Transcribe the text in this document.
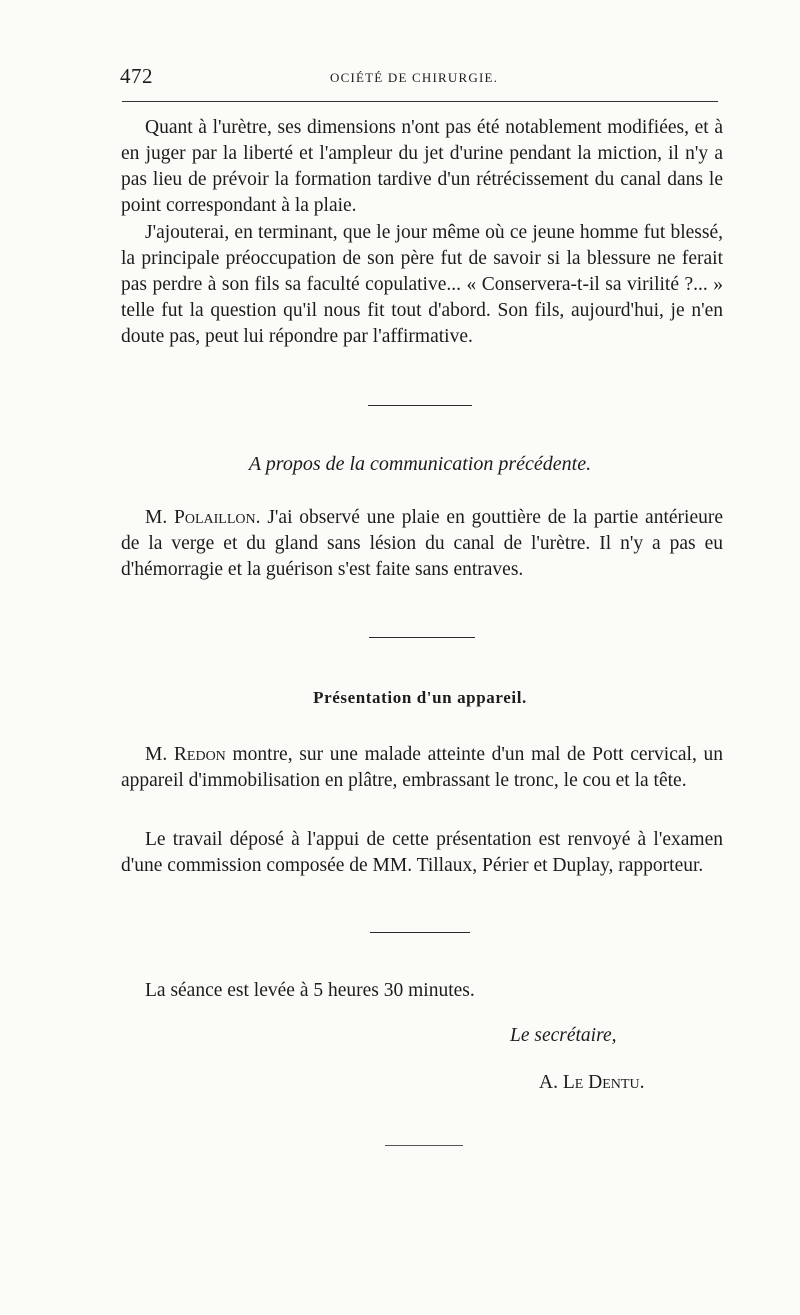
472	OCIÉTÉ DE CHIRURGIE.

Quant à l'urètre, ses dimensions n'ont pas été notablement modifiées, et à en juger par la liberté et l'ampleur du jet d'urine pendant la miction, il n'y a pas lieu de prévoir la formation tardive d'un rétrécissement du canal dans le point correspondant à la plaie.

J'ajouterai, en terminant, que le jour même où ce jeune homme fut blessé, la principale préoccupation de son père fut de savoir si la blessure ne ferait pas perdre à son fils sa faculté copulative... « Conservera-t-il sa virilité ?... » telle fut la question qu'il nous fit tout d'abord. Son fils, aujourd'hui, je n'en doute pas, peut lui répondre par l'affirmative.

A propos de la communication précédente.

M. Polaillon. J'ai observé une plaie en gouttière de la partie antérieure de la verge et du gland sans lésion du canal de l'urètre. Il n'y a pas eu d'hémorragie et la guérison s'est faite sans entraves.

Présentation d'un appareil.

M. Redon montre, sur une malade atteinte d'un mal de Pott cervical, un appareil d'immobilisation en plâtre, embrassant le tronc, le cou et la tête.

Le travail déposé à l'appui de cette présentation est renvoyé à l'examen d'une commission composée de MM. Tillaux, Périer et Duplay, rapporteur.

La séance est levée à 5 heures 30 minutes.
Le secrétaire,
A. Le Dentu.
